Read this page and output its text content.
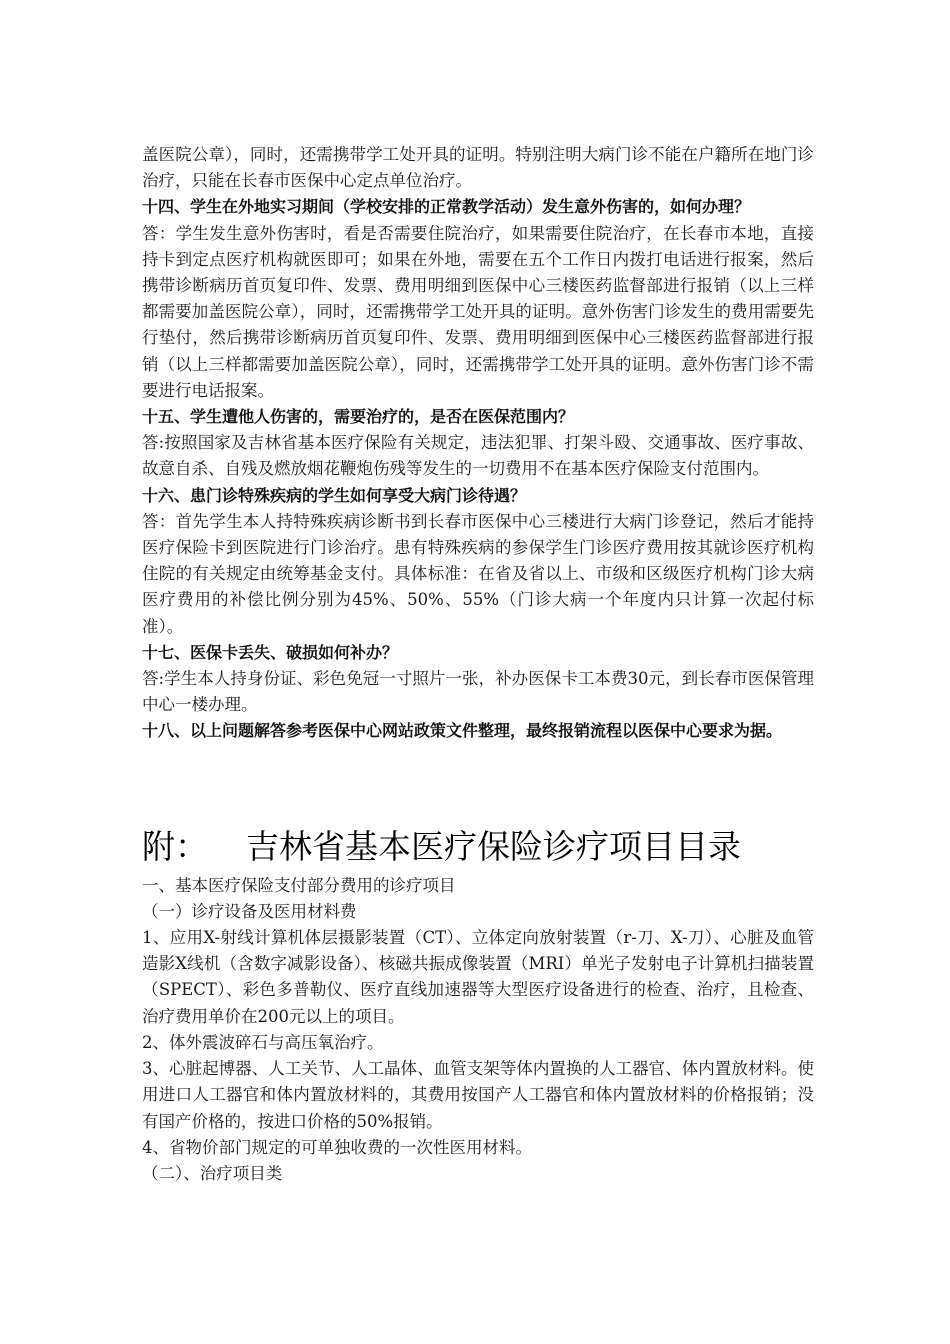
盖医院公章），同时，还需携带学工处开具的证明。特别注明大病门诊不能在户籍所在地门诊治疗，只能在长春市医保中心定点单位治疗。

十四、学生在外地实习期间（学校安排的正常教学活动）发生意外伤害的，如何办理？

答：学生发生意外伤害时，看是否需要住院治疗，如果需要住院治疗，在长春市本地，直接持卡到定点医疗机构就医即可；如果在外地，需要在五个工作日内拨打电话进行报案，然后携带诊断病历首页复印件、发票、费用明细到医保中心三楼医药监督部进行报销（以上三样都需要加盖医院公章），同时，还需携带学工处开具的证明。意外伤害门诊发生的费用需要先行垫付，然后携带诊断病历首页复印件、发票、费用明细到医保中心三楼医药监督部进行报销（以上三样都需要加盖医院公章），同时，还需携带学工处开具的证明。意外伤害门诊不需要进行电话报案。

十五、学生遭他人伤害的，需要治疗的，是否在医保范围内？

答:按照国家及吉林省基本医疗保险有关规定，违法犯罪、打架斗殴、交通事故、医疗事故、故意自杀、自残及燃放烟花鞭炮伤残等发生的一切费用不在基本医疗保险支付范围内。

十六、患门诊特殊疾病的学生如何享受大病门诊待遇？

答：首先学生本人持特殊疾病诊断书到长春市医保中心三楼进行大病门诊登记，然后才能持医疗保险卡到医院进行门诊治疗。患有特殊疾病的参保学生门诊医疗费用按其就诊医疗机构住院的有关规定由统筹基金支付。具体标准：在省及省以上、市级和区级医疗机构门诊大病医疗费用的补偿比例分别为45%、50%、55%（门诊大病一个年度内只计算一次起付标准）。

十七、医保卡丢失、破损如何补办？

答:学生本人持身份证、彩色免冠一寸照片一张，补办医保卡工本费30元，到长春市医保管理中心一楼办理。

十八、以上问题解答参考医保中心网站政策文件整理，最终报销流程以医保中心要求为据。

附： 吉林省基本医疗保险诊疗项目目录

一、基本医疗保险支付部分费用的诊疗项目

（一）诊疗设备及医用材料费

1、应用X-射线计算机体层摄影装置（CT）、立体定向放射装置（r-刀、X-刀）、心脏及血管造影X线机（含数字减影设备）、核磁共振成像装置（MRI）单光子发射电子计算机扫描装置（SPECT）、彩色多普勒仪、医疗直线加速器等大型医疗设备进行的检查、治疗，且检查、治疗费用单价在200元以上的项目。

2、体外震波碎石与高压氧治疗。

3、心脏起博器、人工关节、人工晶体、血管支架等体内置换的人工器官、体内置放材料。使用进口人工器官和体内置放材料的，其费用按国产人工器官和体内置放材料的价格报销；没有国产价格的，按进口价格的50%报销。

4、省物价部门规定的可单独收费的一次性医用材料。

（二）、治疗项目类
